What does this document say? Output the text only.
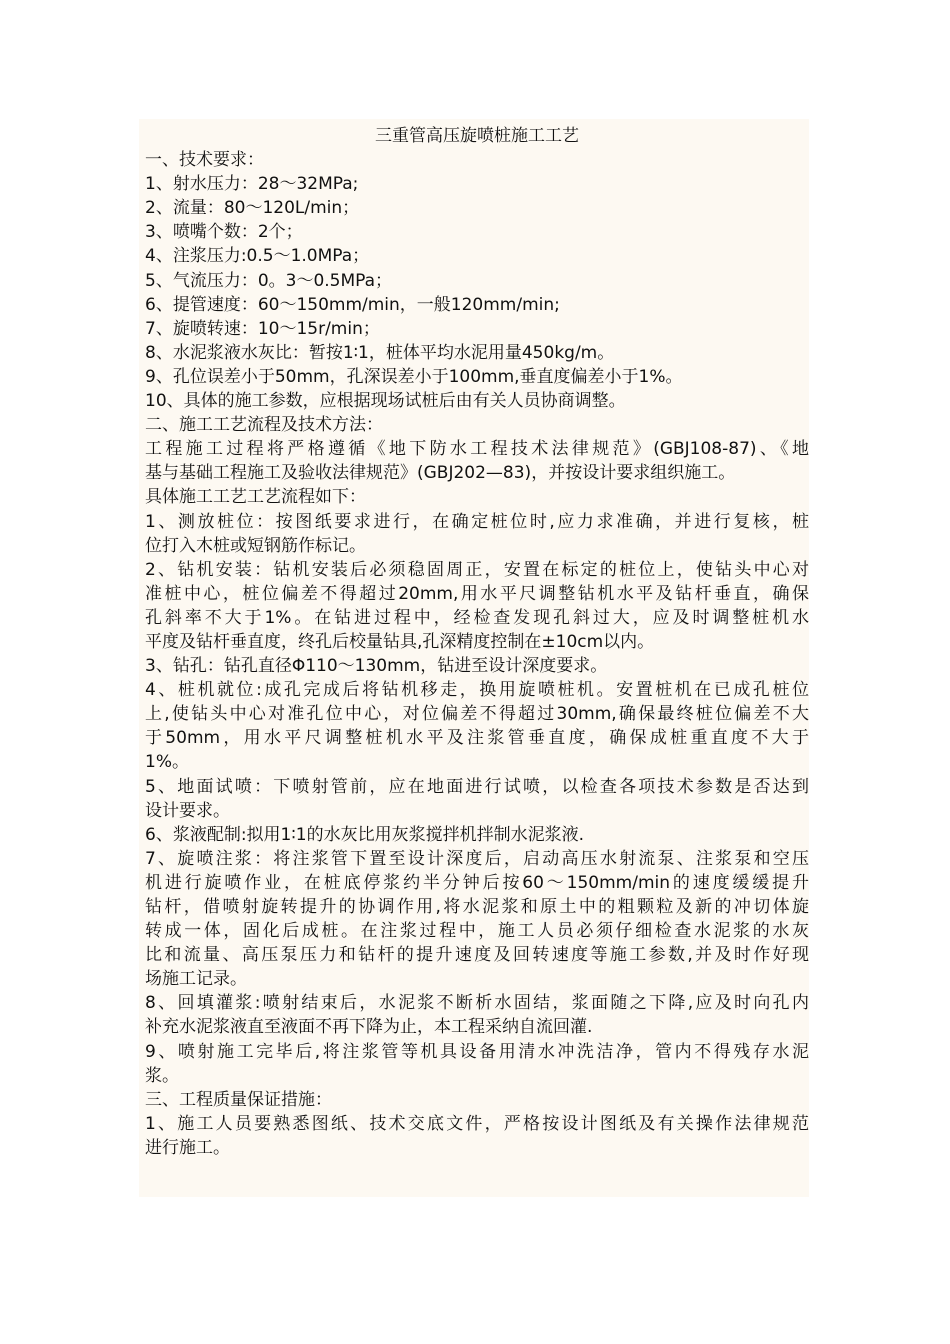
三重管高压旋喷桩施工工艺
一、技术要求：
1、射水压力：28～32MPa;
2、流量：80～120L/min；
3、喷嘴个数：2个；
4、注浆压力:0.5～1.0MPa；
5、气流压力：0。3～0.5MPa；
6、提管速度：60～150mm/min，一般120mm/min;
7、旋喷转速：10～15r/min；
8、水泥浆液水灰比：暂按1∶1，桩体平均水泥用量450kg/m。
9、孔位误差小于50mm，孔深误差小于100mm,垂直度偏差小于1%。
10、具体的施工参数，应根据现场试桩后由有关人员协商调整。
二、施工工艺流程及技术方法：
工程施工过程将严格遵循《地下防水工程技术法律规范》(GBJ108-87)、《地
基与基础工程施工及验收法律规范》(GBJ202—83)，并按设计要求组织施工。
具体施工工艺工艺流程如下：
1、测放桩位：按图纸要求进行，在确定桩位时,应力求准确，并进行复核，桩
位打入木桩或短钢筋作标记。
2、钻机安装：钻机安装后必须稳固周正，安置在标定的桩位上，使钻头中心对
准桩中心，桩位偏差不得超过20mm,用水平尺调整钻机水平及钻杆垂直，确保
孔斜率不大于1%。在钻进过程中，经检查发现孔斜过大，应及时调整桩机水
平度及钻杆垂直度，终孔后校量钻具,孔深精度控制在±10cm以内。
3、钻孔：钻孔直径Φ110～130mm，钻进至设计深度要求。
4、桩机就位:成孔完成后将钻机移走，换用旋喷桩机。安置桩机在已成孔桩位
上,使钻头中心对准孔位中心，对位偏差不得超过30mm,确保最终桩位偏差不大
于50mm，用水平尺调整桩机水平及注浆管垂直度，确保成桩重直度不大于
1%。
5、地面试喷：下喷射管前，应在地面进行试喷，以检查各项技术参数是否达到
设计要求。
6、浆液配制:拟用1∶1的水灰比用灰浆搅拌机拌制水泥浆液.
7、旋喷注浆：将注浆管下置至设计深度后，启动高压水射流泵、注浆泵和空压
机进行旋喷作业，在桩底停浆约半分钟后按60～150mm/min的速度缓缓提升
钻杆，借喷射旋转提升的协调作用,将水泥浆和原土中的粗颗粒及新的冲切体旋
转成一体，固化后成桩。在注浆过程中，施工人员必须仔细检查水泥浆的水灰
比和流量、高压泵压力和钻杆的提升速度及回转速度等施工参数,并及时作好现
场施工记录。
8、回填灌浆:喷射结束后，水泥浆不断析水固结，浆面随之下降,应及时向孔内
补充水泥浆液直至液面不再下降为止，本工程采纳自流回灌.
9、喷射施工完毕后,将注浆管等机具设备用清水冲洗洁净，管内不得残存水泥
浆。
三、工程质量保证措施：
1、施工人员要熟悉图纸、技术交底文件，严格按设计图纸及有关操作法律规范
进行施工。
